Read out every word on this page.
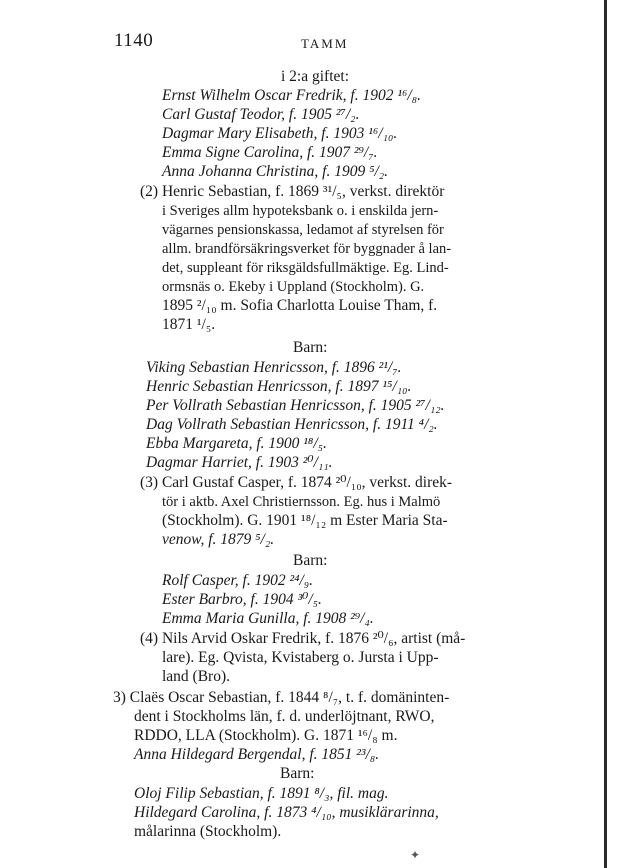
1140	TAMM
i 2:a giftet:
Ernst Wilhelm Oscar Fredrik, f. 1902 ¹⁶/₈.
Carl Gustaf Teodor, f. 1905 ²⁷/₂.
Dagmar Mary Elisabeth, f. 1903 ¹⁶/₁₀.
Emma Signe Carolina, f. 1907 ²⁹/₇.
Anna Johanna Christina, f. 1909 ⁵/₂.
(2) Henric Sebastian, f. 1869 ³¹/₅, verkst. direktör
i Sveriges allm hypoteksbank o. i enskilda jern-
vägarnes pensionskassa, ledamot af styrelsen för
allm. brandförsäkringsverket för byggnader å lan-
det, suppleant för riksgäldsfullmäktige. Eg. Lind-
ormsnäs o. Ekeby i Uppland (Stockholm). G.
1895 ²/₁₀ m. Sofia Charlotta Louise Tham, f.
1871 ¹/₅.
Barn:
Viking Sebastian Henricsson, f. 1896 ²¹/₇.
Henric Sebastian Henricsson, f. 1897 ¹⁵/₁₀.
Per Vollrath Sebastian Henricsson, f. 1905 ²⁷/₁₂.
Dag Vollrath Sebastian Henricsson, f. 1911 ⁴/₂.
Ebba Margareta, f. 1900 ¹⁸/₅.
Dagmar Harriet, f. 1903 ²⁰/₁₁.
(3) Carl Gustaf Casper, f. 1874 ²⁰/₁₀, verkst. direk-
tör i aktb. Axel Christiernsson. Eg. hus i Malmö
(Stockholm). G. 1901 ¹⁸/₁₂ m Ester Maria Sta-
venow, f. 1879 ⁵/₂.
Barn:
Rolf Casper, f. 1902 ²⁴/₉.
Ester Barbro, f. 1904 ³⁰/₅.
Emma Maria Gunilla, f. 1908 ²⁹/₄.
(4) Nils Arvid Oskar Fredrik, f. 1876 ²⁰/₆, artist (må-
lare). Eg. Qvista, Kvistaberg o. Jursta i Upp-
land (Bro).
3) Claës Oscar Sebastian, f. 1844 ⁸/₇, t. f. domäninten-
dent i Stockholms län, f. d. underlöjtnant, RWO,
RDDO, LLA (Stockholm). G. 1871 ¹⁶/₈ m.
Anna Hildegard Bergendal, f. 1851 ²³/₈.
Barn:
Oloj Filip Sebastian, f. 1891 ⁸/₃, fil. mag.
Hildegard Carolina, f. 1873 ⁴/₁₀, musiklärarinna,
målarinna (Stockholm).
✦
